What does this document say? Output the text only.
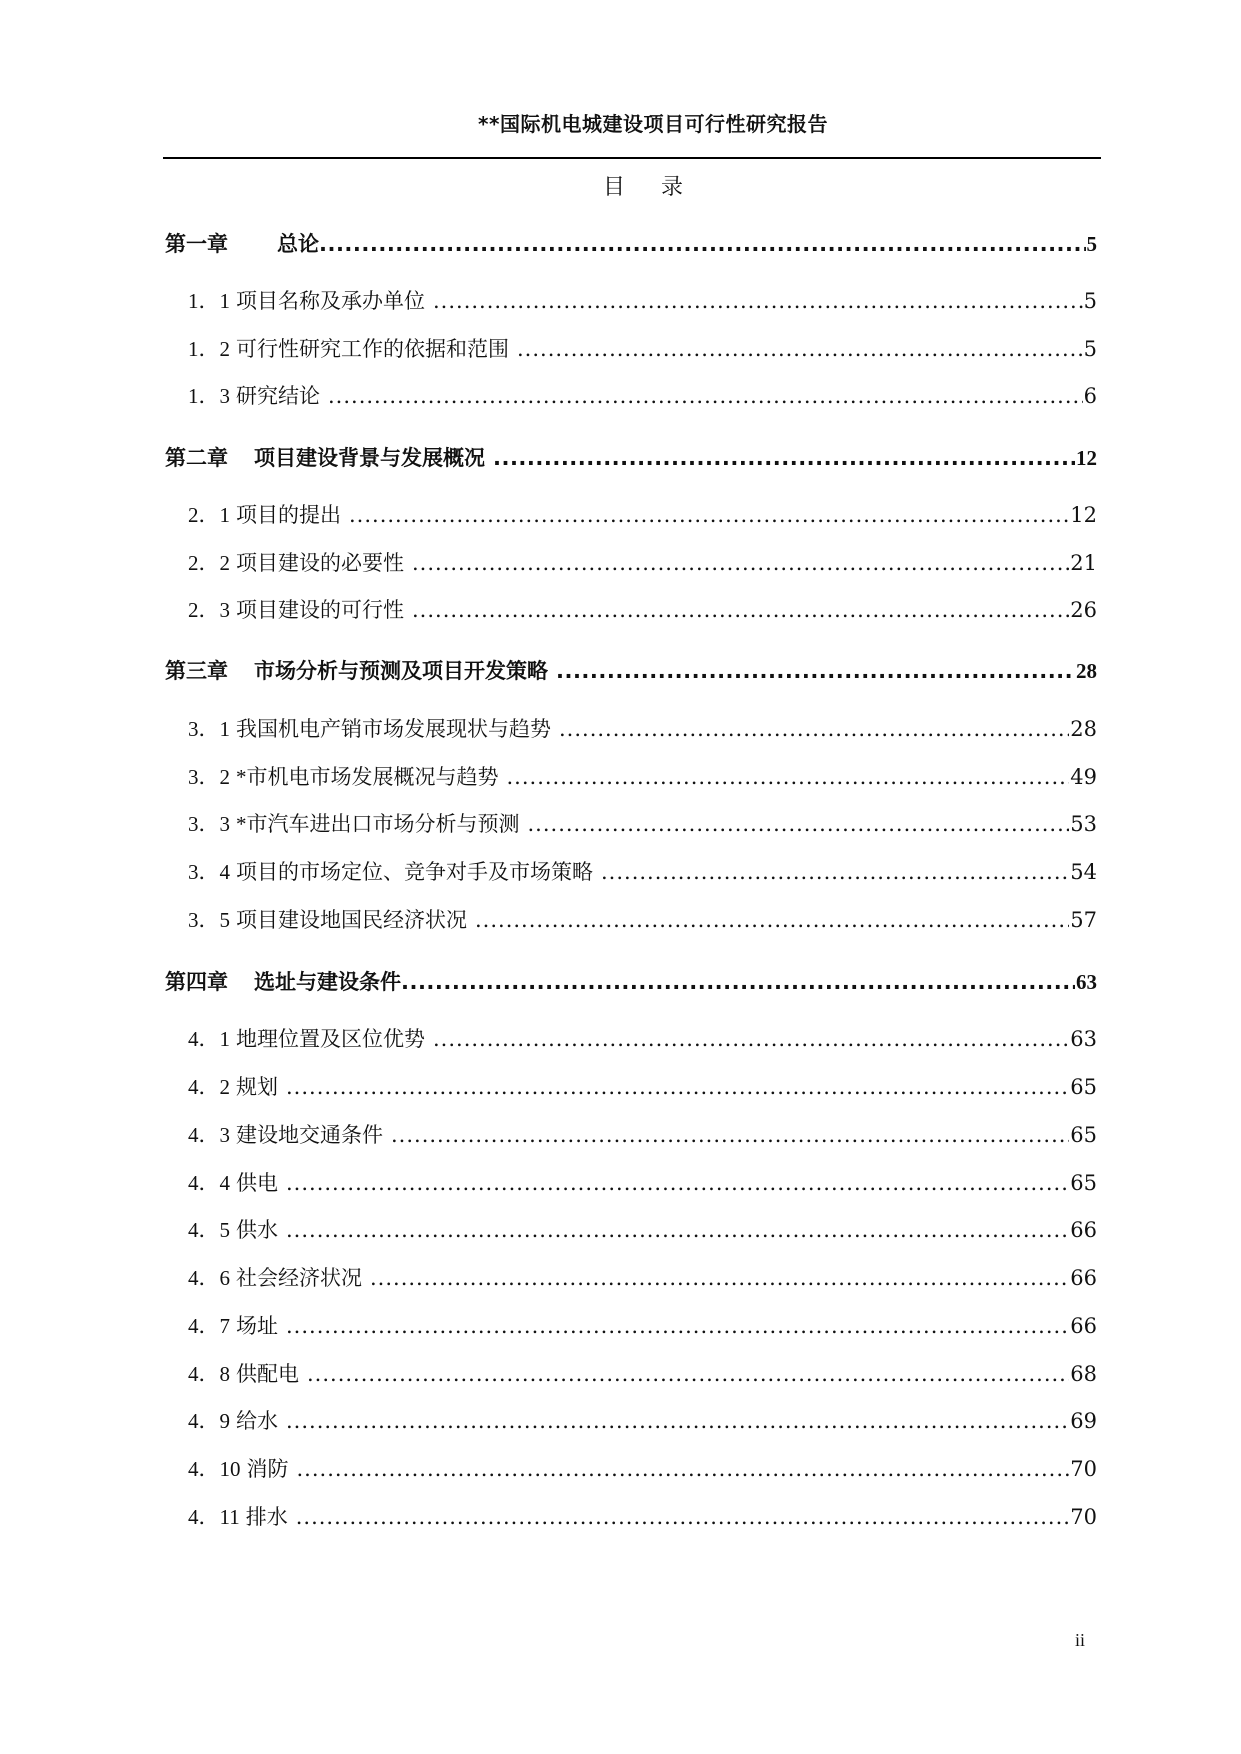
**国际机电城建设项目可行性研究报告
目录
第一章 总论 .....	5
1．1 项目名称及承办单位 .....	5
1．2 可行性研究工作的依据和范围 .....	5
1．3 研究结论 .....	6
第二章 项目建设背景与发展概况 .....	12
2．1 项目的提出 .....	12
2．2 项目建设的必要性 .....	21
2．3 项目建设的可行性 .....	26
第三章 市场分析与预测及项目开发策略 .....	28
3．1 我国机电产销市场发展现状与趋势 .....	28
3．2 *市机电市场发展概况与趋势 .....	49
3．3 *市汽车进出口市场分析与预测 .....	53
3．4 项目的市场定位、竞争对手及市场策略 .....	54
3．5 项目建设地国民经济状况 .....	57
第四章 选址与建设条件 .....	63
4．1 地理位置及区位优势 .....	63
4．2 规划 .....	65
4．3 建设地交通条件 .....	65
4．4 供电 .....	65
4．5 供水 .....	66
4．6 社会经济状况 .....	66
4．7 场址 .....	66
4．8 供配电 .....	68
4．9 给水 .....	69
4．10 消防 .....	70
4．11 排水 .....	70
ii
